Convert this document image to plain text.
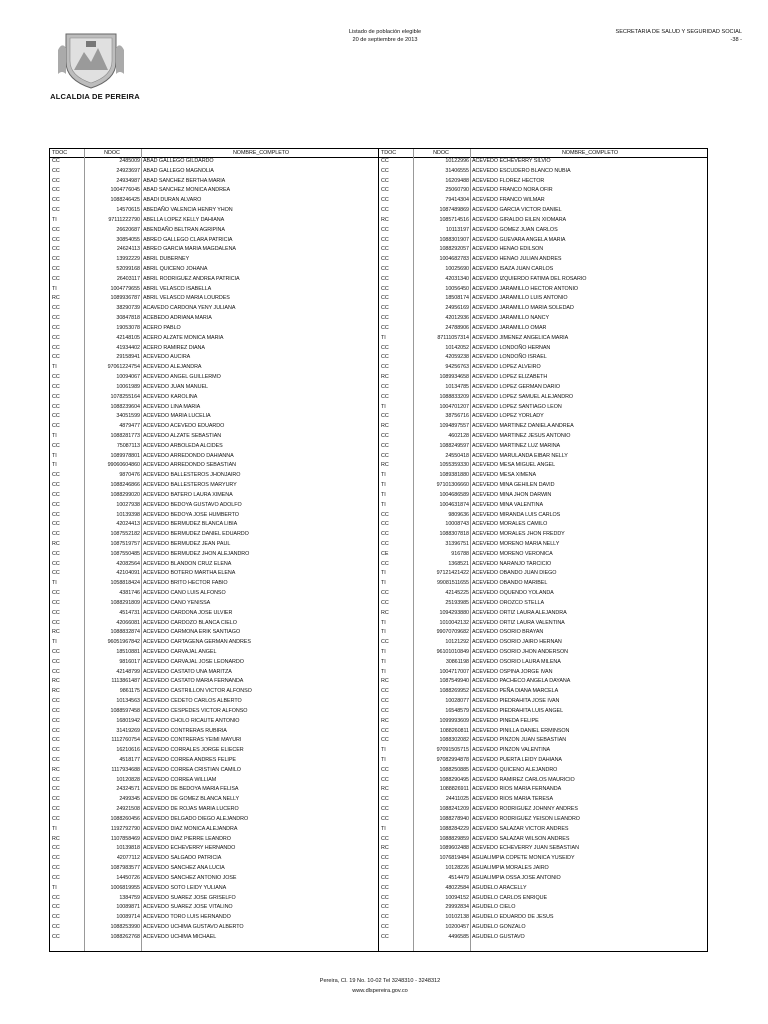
ALCALDIA DE PEREIRA
Listado de población elegible
20 de septiembre de 2013
SECRETARIA DE SALUD Y SEGURIDAD SOCIAL
-38 -
TDOC	NDOC	NOMBRE_COMPLETO	TDOC	NDOC	NOMBRE_COMPLETO
CC	2485009 ABAD GALLEGO GILDARDO	CC	10122996 ACEVEDO ECHEVERRY SILVIO
CC	24923697 ABAD GALLEGO MAGNOLIA	CC	31406555 ACEVEDO ESCUDERO BLANCO NUBIA
CC	24934987 ABAD SANCHEZ BERTHA MARIA	CC	16209488 ACEVEDO FLOREZ HECTOR
CC	1004776045 ABAD SANCHEZ MONICA ANDREA	CC	25060790 ACEVEDO FRANCO NORA OFIR
CC	1088246425 ABADI DURAN ALVARO	CC	79414304 ACEVEDO FRANCO WILMAR
CC	14570615 ABEDAÑO VALENCIA HENRY YHON	CC	1087489869 ACEVEDO GARCIA VICTOR DANIEL
TI	97111222790 ABELLA LOPEZ KELLY DAHIANA	RC	1085714516 ACEVEDO GIRALDO EILEN XIOMARA
CC	26620687 ABENDAÑO BELTRAN AGRIPINA	CC	10113197 ACEVEDO GOMEZ JUAN CARLOS
CC	30854055 ABREO GALLEGO CLARA PATRICIA	CC	1088301907 ACEVEDO GUEVARA ANGELA MARIA
CC	24624113 ABREO GARCIA MARIA MAGDALENA	CC	1088292057 ACEVEDO HENAO EDILSON
CC	13992229 ABRIL DUBERNEY	CC	1004682783 ACEVEDO HENAO JULIAN ANDRES
CC	52099168 ABRIL QUICENO JOHANA	CC	10025690 ACEVEDO ISAZA JUAN CARLOS
CC	26403117 ABRIL RODRIGUEZ ANDREA PATRICIA	CC	42031340 ACEVEDO IZQUIERDO FATIMA DEL ROSARIO
TI	1004779655 ABRIL VELASCO ISABELLA	CC	10056450 ACEVEDO JARAMILLO HECTOR ANTONIO
RC	1089936787 ABRIL VELASCO MARIA LOURDES	CC	18508174 ACEVEDO JARAMILLO LUIS ANTONIO
CC	38290739 ACAVEDO CARDONA YENY JULIANA	CC	24956169 ACEVEDO JARAMILLO MARIA SOLEDAD
CC	30847818 ACEBEDO ADRIANA MARIA	CC	42012936 ACEVEDO JARAMILLO NANCY
CC	19053078 ACERO PABLO	CC	24788906 ACEVEDO JARAMILLO OMAR
CC	42148105 ACERO ALZATE MONICA MARIA	TI	87111057314 ACEVEDO JIMENEZ ANGELICA MARIA
CC	41934402 ACERO RAMIREZ DIANA	CC	10142052 ACEVEDO LONDOÑO HERNAN
CC	29158941 ACEVEDO AUCIRA	CC	42059238 ACEVEDO LONDOÑO ISRAEL
TI	97061224754 ACEVEDO ALEJANDRA	CC	94256763 ACEVEDO LOPEZ ALVEIRO
CC	10094067 ACEVEDO ANGEL GUILLERMO	RC	1089934658 ACEVEDO LOPEZ ELIZABETH
CC	10061989 ACEVEDO JUAN MANUEL	CC	10134785 ACEVEDO LOPEZ GERMAN DARIO
CC	1078255164 ACEVEDO KAROLINA	CC	1088833209 ACEVEDO LOPEZ SAMUEL ALEJANDRO
CC	1088239604 ACEVEDO LINA MARIA	TI	1004701207 ACEVEDO LOPEZ SANTIAGO LEON
CC	34051599 ACEVEDO MARIA LUCELIA	CC	38756716 ACEVEDO LOPEZ YORLADY
CC	4879477 ACEVEDO ACEVEDO EDUARDO	RC	1094897557 ACEVEDO MARTINEZ DANIELA ANDREA
TI	1088281773 ACEVEDO ALZATE SEBASTIAN	CC	4602128 ACEVEDO MARTINEZ JESUS ANTONIO
CC	75087113 ACEVEDO ARBOLEDA ALCIDES	CC	1088249597 ACEVEDO MARTINEZ LUZ MARINA
TI	1089978801 ACEVEDO ARREDONDO DAHIANNA	CC	24550418 ACEVEDO MARULANDA EIBAR NELLY
TI	99060604860 ACEVEDO ARREDONDO SEBASTIAN	RC	1055359330 ACEVEDO MESA MIGUEL ANGEL
CC	9870476 ACEVEDO BALLESTEROS JHONJAIRO	TI	1089381880 ACEVEDO MESA XIMENA
CC	1088246866 ACEVEDO BALLESTEROS MARYURY	TI	97101306660 ACEVEDO MINA GEHILEN DAVID
CC	1088299020 ACEVEDO BATERO LAURA XIMENA	TI	1004686589 ACEVEDO MINA JHON DARWIN
CC	10027938 ACEVEDO BEDOYA GUSTAVO ADOLFO	TI	1004631874 ACEVEDO MINA VALENTINA
CC	10139398 ACEVEDO BEDOYA JOSE HUMBERTO	CC	9809636 ACEVEDO MIRANDA LUIS CARLOS
CC	42024413 ACEVEDO BERMUDEZ BLANCA LIBIA	CC	10008743 ACEVEDO MORALES CAMILO
CC	1087552182 ACEVEDO BERMUDEZ DANIEL EDUARDO	CC	1088307818 ACEVEDO MORALES JHON FREDDY
RC	1087519757 ACEVEDO BERMUDEZ JEAN PAUL	CC	31396751 ACEVEDO MORENO MARIA NELLY
CC	1087550485 ACEVEDO BERMUDEZ JHON ALEJANDRO	CE	916788 ACEVEDO MORENO VERONICA
CC	42082564 ACEVEDO BLANDON CRUZ ELENA	CC	1368521 ACEVEDO NARANJO TARCICIO
CC	42104091 ACEVEDO BOTERO MARTHA ELENA	TI	97121421422 ACEVEDO OBANDO JUAN DIEGO
TI	1058818424 ACEVEDO BRITO HECTOR FABIO	TI	99081511655 ACEVEDO OBANDO MARIBEL
CC	4381746 ACEVEDO CANO LUIS ALFONSO	CC	42145225 ACEVEDO OQUENDO YOLANDA
CC	1088291809 ACEVEDO CANO YENISSA	CC	25193985 ACEVEDO OROZCO STELLA
CC	4514731 ACEVEDO CARDONA JOSE ULVIER	RC	1094293880 ACEVEDO ORTIZ LAURA ALEJANDRA
CC	42066081 ACEVEDO CARDOZO BLANCA CIELO	TI	1010042132 ACEVEDO ORTIZ LAURA VALENTINA
RC	1088832874 ACEVEDO CARMONA ERIK SANTIAGO	TI	99070709682 ACEVEDO OSORIO BRAYAN
TI	96051967842 ACEVEDO CARTAGENA GERMAN ANDRES	CC	10121292 ACEVEDO OSORIO JAIRO HERNAN
CC	18510881 ACEVEDO CARVAJAL ANGEL	TI	96101010849 ACEVEDO OSORIO JHON ANDERSON
CC	9816017 ACEVEDO CARVAJAL JOSE LEONARDO	TI	30861198 ACEVEDO OSORIO LAURA MILENA
CC	42148799 ACEVEDO CASTATO UNA MARITZA	TI	1004717007 ACEVEDO OSPINA JORGE IVAN
RC	1113861487 ACEVEDO CASTATO MARIA FERNANDA	RC	1087549940 ACEVEDO PACHECO ANGELA DAYANA
RC	9861175 ACEVEDO CASTRILLON VICTOR ALFONSO	CC	1088269952 ACEVEDO PEÑA DIANA MARCELA
CC	10134563 ACEVEDO CEDETO CARLOS ALBERTO	CC	10028077 ACEVEDO PIEDRAHITA JOSE IVAN
CC	1088597458 ACEVEDO CESPEDES VICTOR ALFONSO	CC	16548579 ACEVEDO PIEDRAHITA LUIS ANGEL
CC	16801942 ACEVEDO CHOLO RICAUTE ANTONIO	RC	1099993609 ACEVEDO PINEDA FELIPE
CC	31419269 ACEVEDO CONTRERAS RUBIRIA	CC	1088260811 ACEVEDO PINILLA DANIEL ERMINSON
CC	1112760754 ACEVEDO CONTRERAS YEIMI MAYURI	CC	1088302082 ACEVEDO PINZON JUAN SEBASTIAN
CC	16210616 ACEVEDO CORRALES JORGE ELIECER	TI	97091505715 ACEVEDO PINZON VALENTINA
CC	4518177 ACEVEDO CORREA ANDRES FELIPE	TI	97082994878 ACEVEDO PUERTA LEIDY DAHIANA
RC	1117934688 ACEVEDO CORREA CRISTIAN CAMILO	CC	1088250885 ACEVEDO QUICENO ALEJANDRO
CC	10120828 ACEVEDO CORREA WILLIAM	CC	1088290495 ACEVEDO RAMIREZ CARLOS MAURICIO
CC	24324571 ACEVEDO DE BEDOYA MARIA FELISA	RC	1088826911 ACEVEDO RIOS MARIA FERNANDA
CC	2499345 ACEVEDO DE GOMEZ BLANCA NELLY	CC	24411025 ACEVEDO RIOS MARIA TERESA
CC	24921508 ACEVEDO DE ROJAS MARIA LUCERO	CC	1088241209 ACEVEDO RODRIGUEZ JOHNNY ANDRES
CC	1088260456 ACEVEDO DELGADO DIEGO ALEJANDRO	CC	1088278940 ACEVEDO RODRIGUEZ YEISON LEANDRO
TI	1192792790 ACEVEDO DIAZ MONICA ALEJANDRA	TI	1088284229 ACEVEDO SALAZAR VICTOR ANDRES
RC	1107858469 ACEVEDO DIAZ PIERRE LEANDRO	CC	1088829859 ACEVEDO SALAZAR WILSON ANDRES
CC	10139818 ACEVEDO ECHEVERRY HERNANDO	RC	1089602488 ACEVEDO ECHEVERRY JUAN SEBASTIAN
CC	42077112 ACEVEDO SALGADO PATRICIA	CC	1076819484 AGUALIMPIA COPETE MONICA YUSEIDY
CC	1087983577 ACEVEDO SANCHEZ ANA LUCIA	CC	10128226 AGUALIMPIA MORALES JAIRO
CC	14450726 ACEVEDO SANCHEZ ANTONIO JOSE	CC	4514479 AGUALIMPIA OSSA JOSE ANTONIO
TI	1006819955 ACEVEDO SOTO LEIDY YULIANA	CC	48022584 AGUDELO ARACELLY
CC	1384759 ACEVEDO SUAREZ JOSE GRISELFO	CC	10094152 AGUDELO CARLOS ENRIQUE
CC	10089871 ACEVEDO SUAREZ JOSE VITALINO	CC	29992834 AGUDELO CIELO
CC	10089714 ACEVEDO TORO LUIS HERNANDO	CC	10102138 AGUDELO EDUARDO DE JESUS
CC	1088253990 ACEVEDO UCHIMA GUSTAVO ALBERTO	CC	10200457 AGUDELO GONZALO
CC	1088262768 ACEVEDO UCHIMA MICHAEL	CC	4496585 AGUDELO GUSTAVO
Pereira, Cl. 19 No. 10-02 Tel 3248310 - 3248312
www.dlspereira.gov.co
